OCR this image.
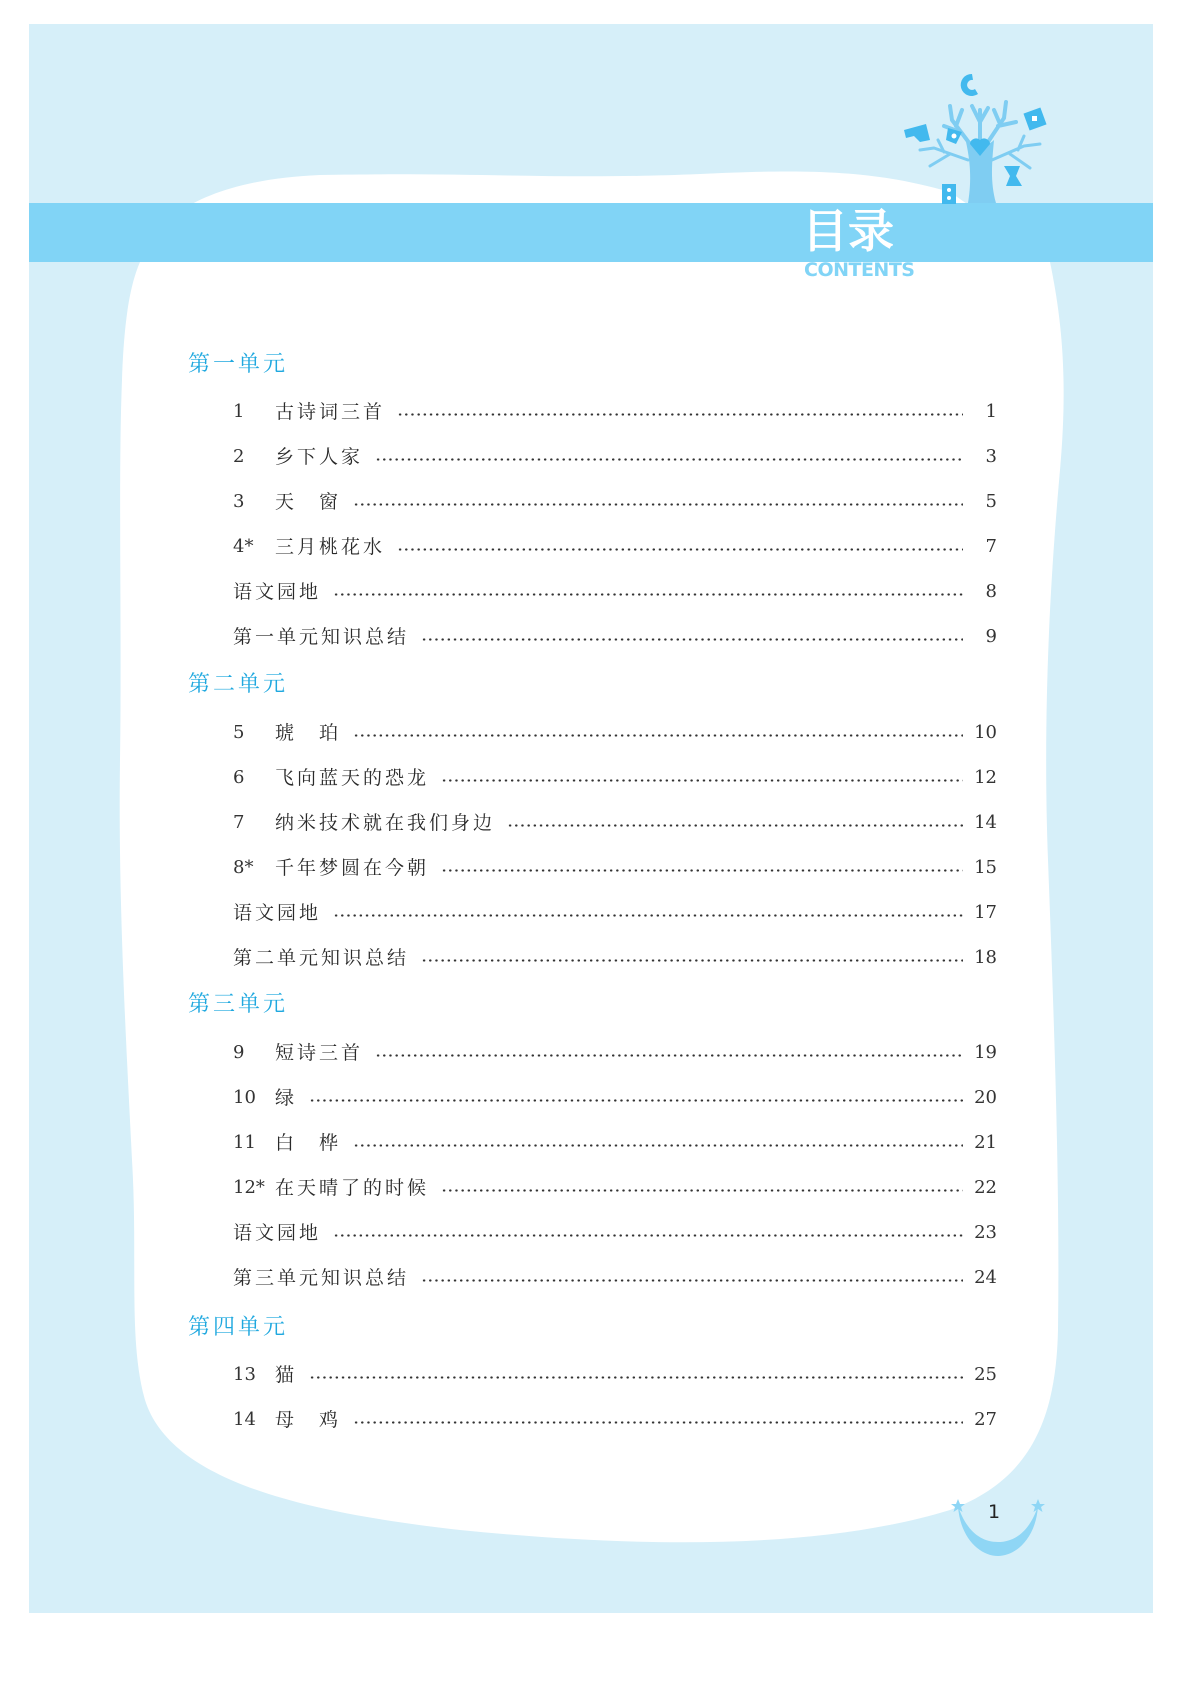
目录
CONTENTS
第一单元
1	古诗词三首	1
2	乡下人家	3
3	天　窗	5
4*	三月桃花水	7
语文园地	8
第一单元知识总结	9
第二单元
5	琥　珀	10
6	飞向蓝天的恐龙	12
7	纳米技术就在我们身边	14
8*	千年梦圆在今朝	15
语文园地	17
第二单元知识总结	18
第三单元
9	短诗三首	19
10	绿	20
11	白　桦	21
12* 在天晴了的时候	22
语文园地	23
第三单元知识总结	24
第四单元
13	猫	25
14	母　鸡	27
1
